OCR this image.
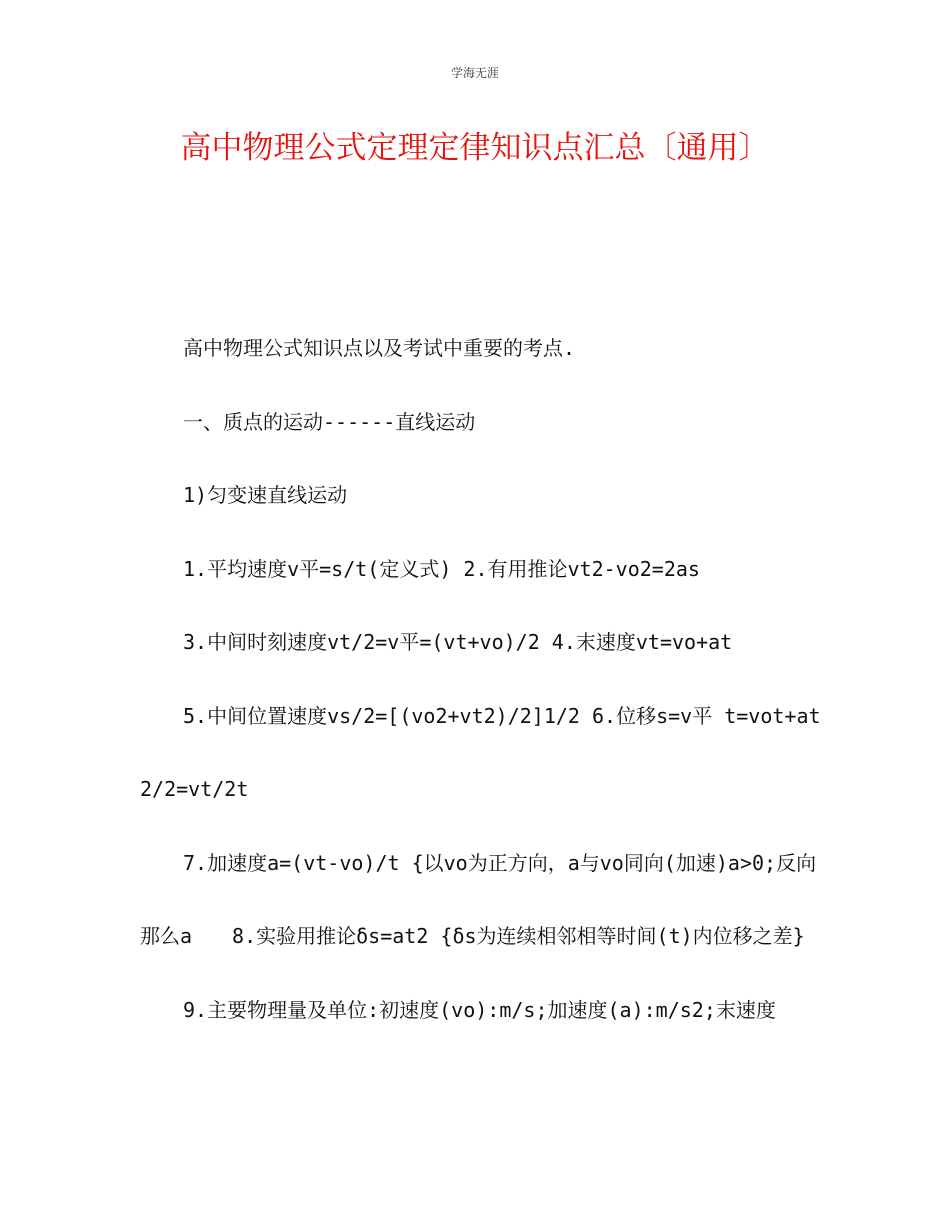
学海无涯
高中物理公式定理定律知识点汇总〔通用〕

高中物理公式知识点以及考试中重要的考点.

一、质点的运动------直线运动

1)匀变速直线运动

1.平均速度v平=s/t(定义式) 2.有用推论vt2-vo2=2as

3.中间时刻速度vt/2=v平=(vt+vo)/2 4.末速度vt=vo+at

5.中间位置速度vs/2=[(vo2+vt2)/2]1/2 6.位移s=v平 t=vot+at2/2=vt/2t

7.加速度a=(vt-vo)/t {以vo为正方向，a与vo同向(加速)a>0;反向那么a　　8.实验用推论δs=at2 {δs为连续相邻相等时间(t)内位移之差}

9.主要物理量及单位:初速度(vo):m/s;加速度(a):m/s2;末速度
